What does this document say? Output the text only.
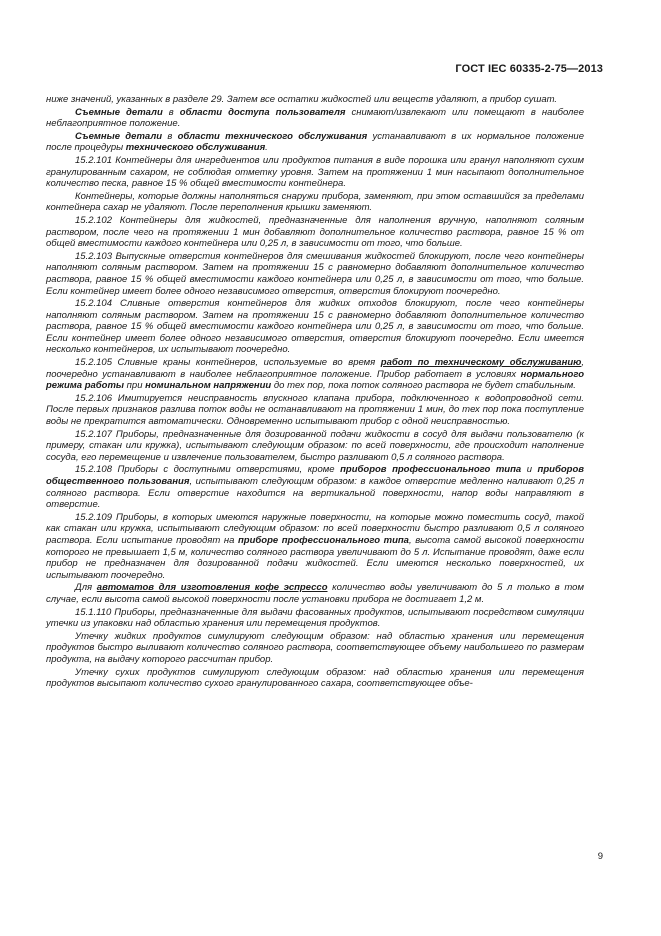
ГОСТ IEC 60335-2-75—2013

ниже значений, указанных в разделе 29. Затем все остатки жидкостей или веществ удаляют, а прибор сушат.

Съемные детали в области доступа пользователя снимают/извлекают или помещают в наиболее неблагоприятное положение.

Съемные детали в области технического обслуживания устанавливают в их нормальное положение после процедуры технического обслуживания.

15.2.101 Контейнеры для ингредиентов или продуктов питания в виде порошка или гранул наполняют сухим гранулированным сахаром, не соблюдая отметку уровня. Затем на протяжении 1 мин насыпают дополнительное количество песка, равное 15 % общей вместимости контейнера.

Контейнеры, которые должны наполняться снаружи прибора, заменяют, при этом оставшийся за пределами контейнера сахар не удаляют. После переполнения крышки заменяют.

15.2.102 Контейнеры для жидкостей, предназначенные для наполнения вручную, наполняют соляным раствором, после чего на протяжении 1 мин добавляют дополнительное количество раствора, равное 15 % от общей вместимости каждого контейнера или 0,25 л, в зависимости от того, что больше.

15.2.103 Выпускные отверстия контейнеров для смешивания жидкостей блокируют, после чего контейнеры наполняют соляным раствором. Затем на протяжении 15 с равномерно добавляют дополнительное количество раствора, равное 15 % общей вместимости каждого контейнера или 0,25 л, в зависимости от того, что больше. Если контейнер имеет более одного независимого отверстия, отверстия блокируют поочередно.

15.2.104 Сливные отверстия контейнеров для жидких отходов блокируют, после чего контейнеры наполняют соляным раствором. Затем на протяжении 15 с равномерно добавляют дополнительное количество раствора, равное 15 % общей вместимости каждого контейнера или 0,25 л, в зависимости от того, что больше. Если контейнер имеет более одного независимого отверстия, отверстия блокируют поочередно. Если имеется несколько контейнеров, их испытывают поочередно.

15.2.105 Сливные краны контейнеров, используемые во время работ по техническому обслуживанию, поочередно устанавливают в наиболее неблагоприятное положение. Прибор работает в условиях нормального режима работы при номинальном напряжении до тех пор, пока поток соляного раствора не будет стабильным.

15.2.106 Имитируется неисправность впускного клапана прибора, подключенного к водопроводной сети. После первых признаков разлива поток воды не останавливают на протяжении 1 мин, до тех пор пока поступление воды не прекратится автоматически. Одновременно испытывают прибор с одной неисправностью.

15.2.107 Приборы, предназначенные для дозированной подачи жидкости в сосуд для выдачи пользователю (к примеру, стакан или кружка), испытывают следующим образом: по всей поверхности, где происходит наполнение сосуда, его перемещение и извлечение пользователем, быстро разливают 0,5 л соляного раствора.

15.2.108 Приборы с доступными отверстиями, кроме приборов профессионального типа и приборов общественного пользования, испытывают следующим образом: в каждое отверстие медленно наливают 0,25 л соляного раствора. Если отверстие находится на вертикальной поверхности, напор воды направляют в отверстие.

15.2.109 Приборы, в которых имеются наружные поверхности, на которые можно поместить сосуд, такой как стакан или кружка, испытывают следующим образом: по всей поверхности быстро разливают 0,5 л соляного раствора. Если испытание проводят на приборе профессионального типа, высота самой высокой поверхности которого не превышает 1,5 м, количество соляного раствора увеличивают до 5 л. Испытание проводят, даже если прибор не предназначен для дозированной подачи жидкостей. Если имеются несколько поверхностей, их испытывают поочередно.

Для автоматов для изготовления кофе эспрессо количество воды увеличивают до 5 л только в том случае, если высота самой высокой поверхности после установки прибора не достигает 1,2 м.

15.1.110 Приборы, предназначенные для выдачи фасованных продуктов, испытывают посредством симуляции утечки из упаковки над областью хранения или перемещения продуктов.

Утечку жидких продуктов симулируют следующим образом: над областью хранения или перемещения продуктов быстро выливают количество соляного раствора, соответствующее объему наибольшего по размерам продукта, на выдачу которого рассчитан прибор.

Утечку сухих продуктов симулируют следующим образом: над областью хранения или перемещения продуктов высыпают количество сухого гранулированного сахара, соответствующее объе-

9
